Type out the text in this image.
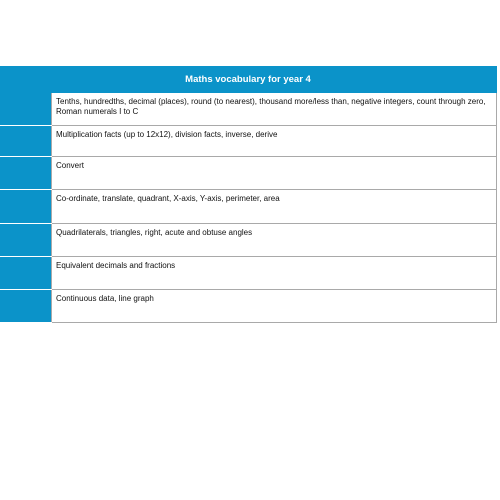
Maths vocabulary for year 4	
	Tenths, hundredths, decimal (places), round (to nearest), thousand more/less than, negative integers, count through zero, Roman numerals I to C
	Multiplication facts (up to 12x12), division facts, inverse, derive
	Convert
	Co-ordinate, translate, quadrant, X-axis, Y-axis, perimeter, area
	Quadrilaterals, triangles, right, acute and obtuse angles
	Equivalent decimals and fractions
	Continuous data, line graph
